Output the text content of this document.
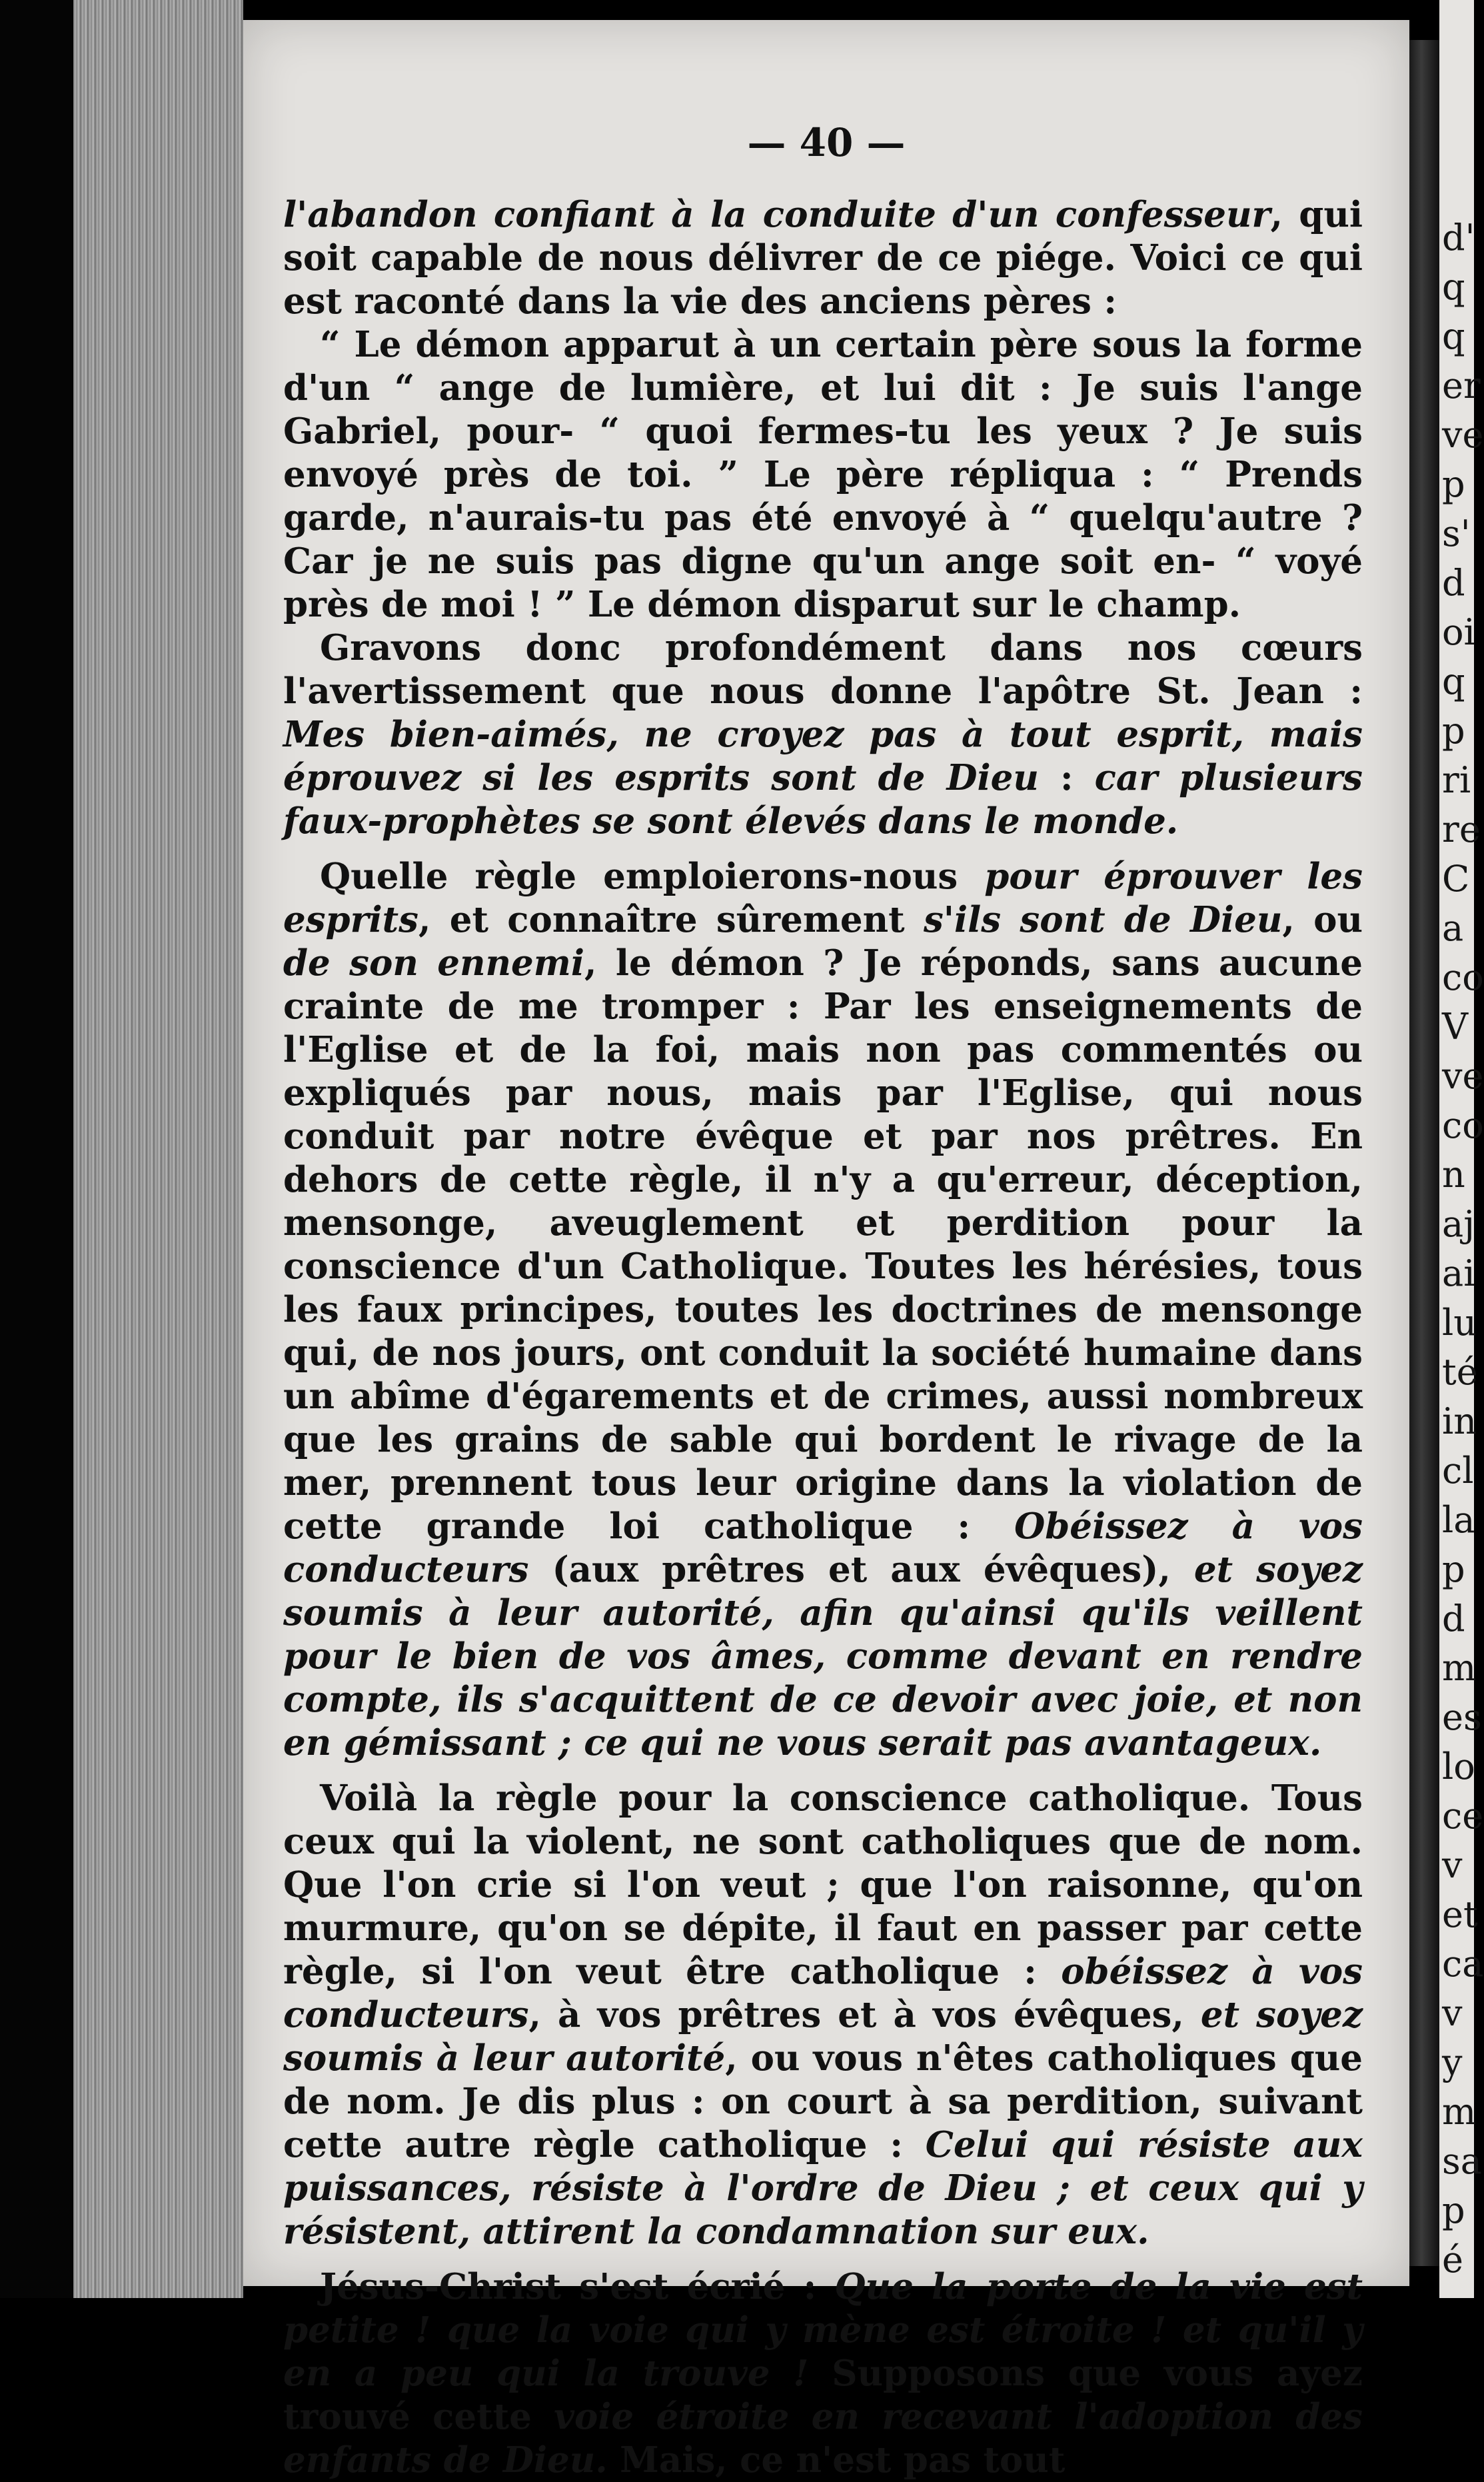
— 40 —

l'abandon confiant à la conduite d'un confesseur, qui soit capable de nous délivrer de ce piége. Voici ce qui est raconté dans la vie des anciens pères :

“ Le démon apparut à un certain père sous la forme d'un “ ange de lumière, et lui dit : Je suis l'ange Gabriel, pour- “ quoi fermes-tu les yeux ? Je suis envoyé près de toi. ” Le père répliqua : “ Prends garde, n'aurais-tu pas été envoyé à “ quelqu'autre ? Car je ne suis pas digne qu'un ange soit en- “ voyé près de moi ! ” Le démon disparut sur le champ.

Gravons donc profondément dans nos cœurs l'avertissement que nous donne l'apôtre St. Jean : Mes bien-aimés, ne croyez pas à tout esprit, mais éprouvez si les esprits sont de Dieu : car plusieurs faux-prophètes se sont élevés dans le monde.

Quelle règle emploierons-nous pour éprouver les esprits, et connaître sûrement s'ils sont de Dieu, ou de son ennemi, le démon ? Je réponds, sans aucune crainte de me tromper : Par les enseignements de l'Eglise et de la foi, mais non pas commentés ou expliqués par nous, mais par l'Eglise, qui nous conduit par notre évêque et par nos prêtres. En dehors de cette règle, il n'y a qu'erreur, déception, mensonge, aveuglement et perdition pour la conscience d'un Catholique. Toutes les hérésies, tous les faux principes, toutes les doctrines de mensonge qui, de nos jours, ont conduit la société humaine dans un abîme d'égarements et de crimes, aussi nombreux que les grains de sable qui bordent le rivage de la mer, prennent tous leur origine dans la violation de cette grande loi catholique : Obéissez à vos conducteurs (aux prêtres et aux évêques), et soyez soumis à leur autorité, afin qu'ainsi qu'ils veillent pour le bien de vos âmes, comme devant en rendre compte, ils s'acquittent de ce devoir avec joie, et non en gémissant ; ce qui ne vous serait pas avantageux.

Voilà la règle pour la conscience catholique. Tous ceux qui la violent, ne sont catholiques que de nom. Que l'on crie si l'on veut ; que l'on raisonne, qu'on murmure, qu'on se dépite, il faut en passer par cette règle, si l'on veut être catholique : obéissez à vos conducteurs, à vos prêtres et à vos évêques, et soyez soumis à leur autorité, ou vous n'êtes catholiques que de nom. Je dis plus : on court à sa perdition, suivant cette autre règle catholique : Celui qui résiste aux puissances, résiste à l'ordre de Dieu ; et ceux qui y résistent, attirent la condamnation sur eux.

Jésus-Christ s'est écrié : Que la porte de la vie est petite ! que la voie qui y mène est étroite ! et qu'il y en a peu qui la trouve ! Supposons que vous ayez trouvé cette voie étroite en recevant l'adoption des enfants de Dieu. Mais, ce n'est pas tout

d'
q
q
er
ve
p
s'
d
oi
q
p
ri
re
C
a
co
V
ve
co
n
aj
ai
lu
té
in
cl
la
p
d
m
es
lo
ce
v
et
ca
v
y
m
sa
p
é
